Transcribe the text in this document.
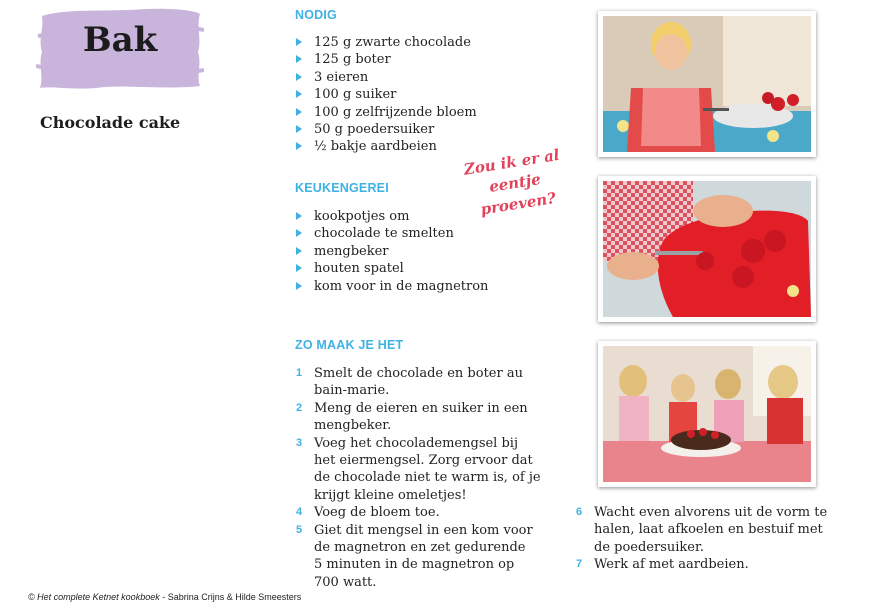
Bak
Chocolade cake
NODIG
125 g zwarte chocolade
125 g boter
3 eieren
100 g suiker
100 g zelfrijzende bloem
50 g poedersuiker
½ bakje aardbeien
KEUKENGEREI
kookpotjes om
chocolade te smelten
mengbeker
houten spatel
kom voor in de magnetron
Zou ik er al eentje
proeven?
ZO MAAK JE HET
1 Smelt de chocolade en boter au
bain-marie.
2 Meng de eieren en suiker in een
mengbeker.
3 Voeg het chocolademengsel bij
het eiermengsel. Zorg ervoor dat
de chocolade niet te warm is, of je
krijgt kleine omeletjes!
4 Voeg de bloem toe.
5 Giet dit mengsel in een kom voor
de magnetron en zet gedurende
5 minuten in de magnetron op
700 watt.
6 Wacht even alvorens uit de vorm te
halen, laat afkoelen en bestuif met
de poedersuiker.
7 Werk af met aardbeien.
© Het complete Ketnet kookboek - Sabrina Crijns & Hilde Smeesters
